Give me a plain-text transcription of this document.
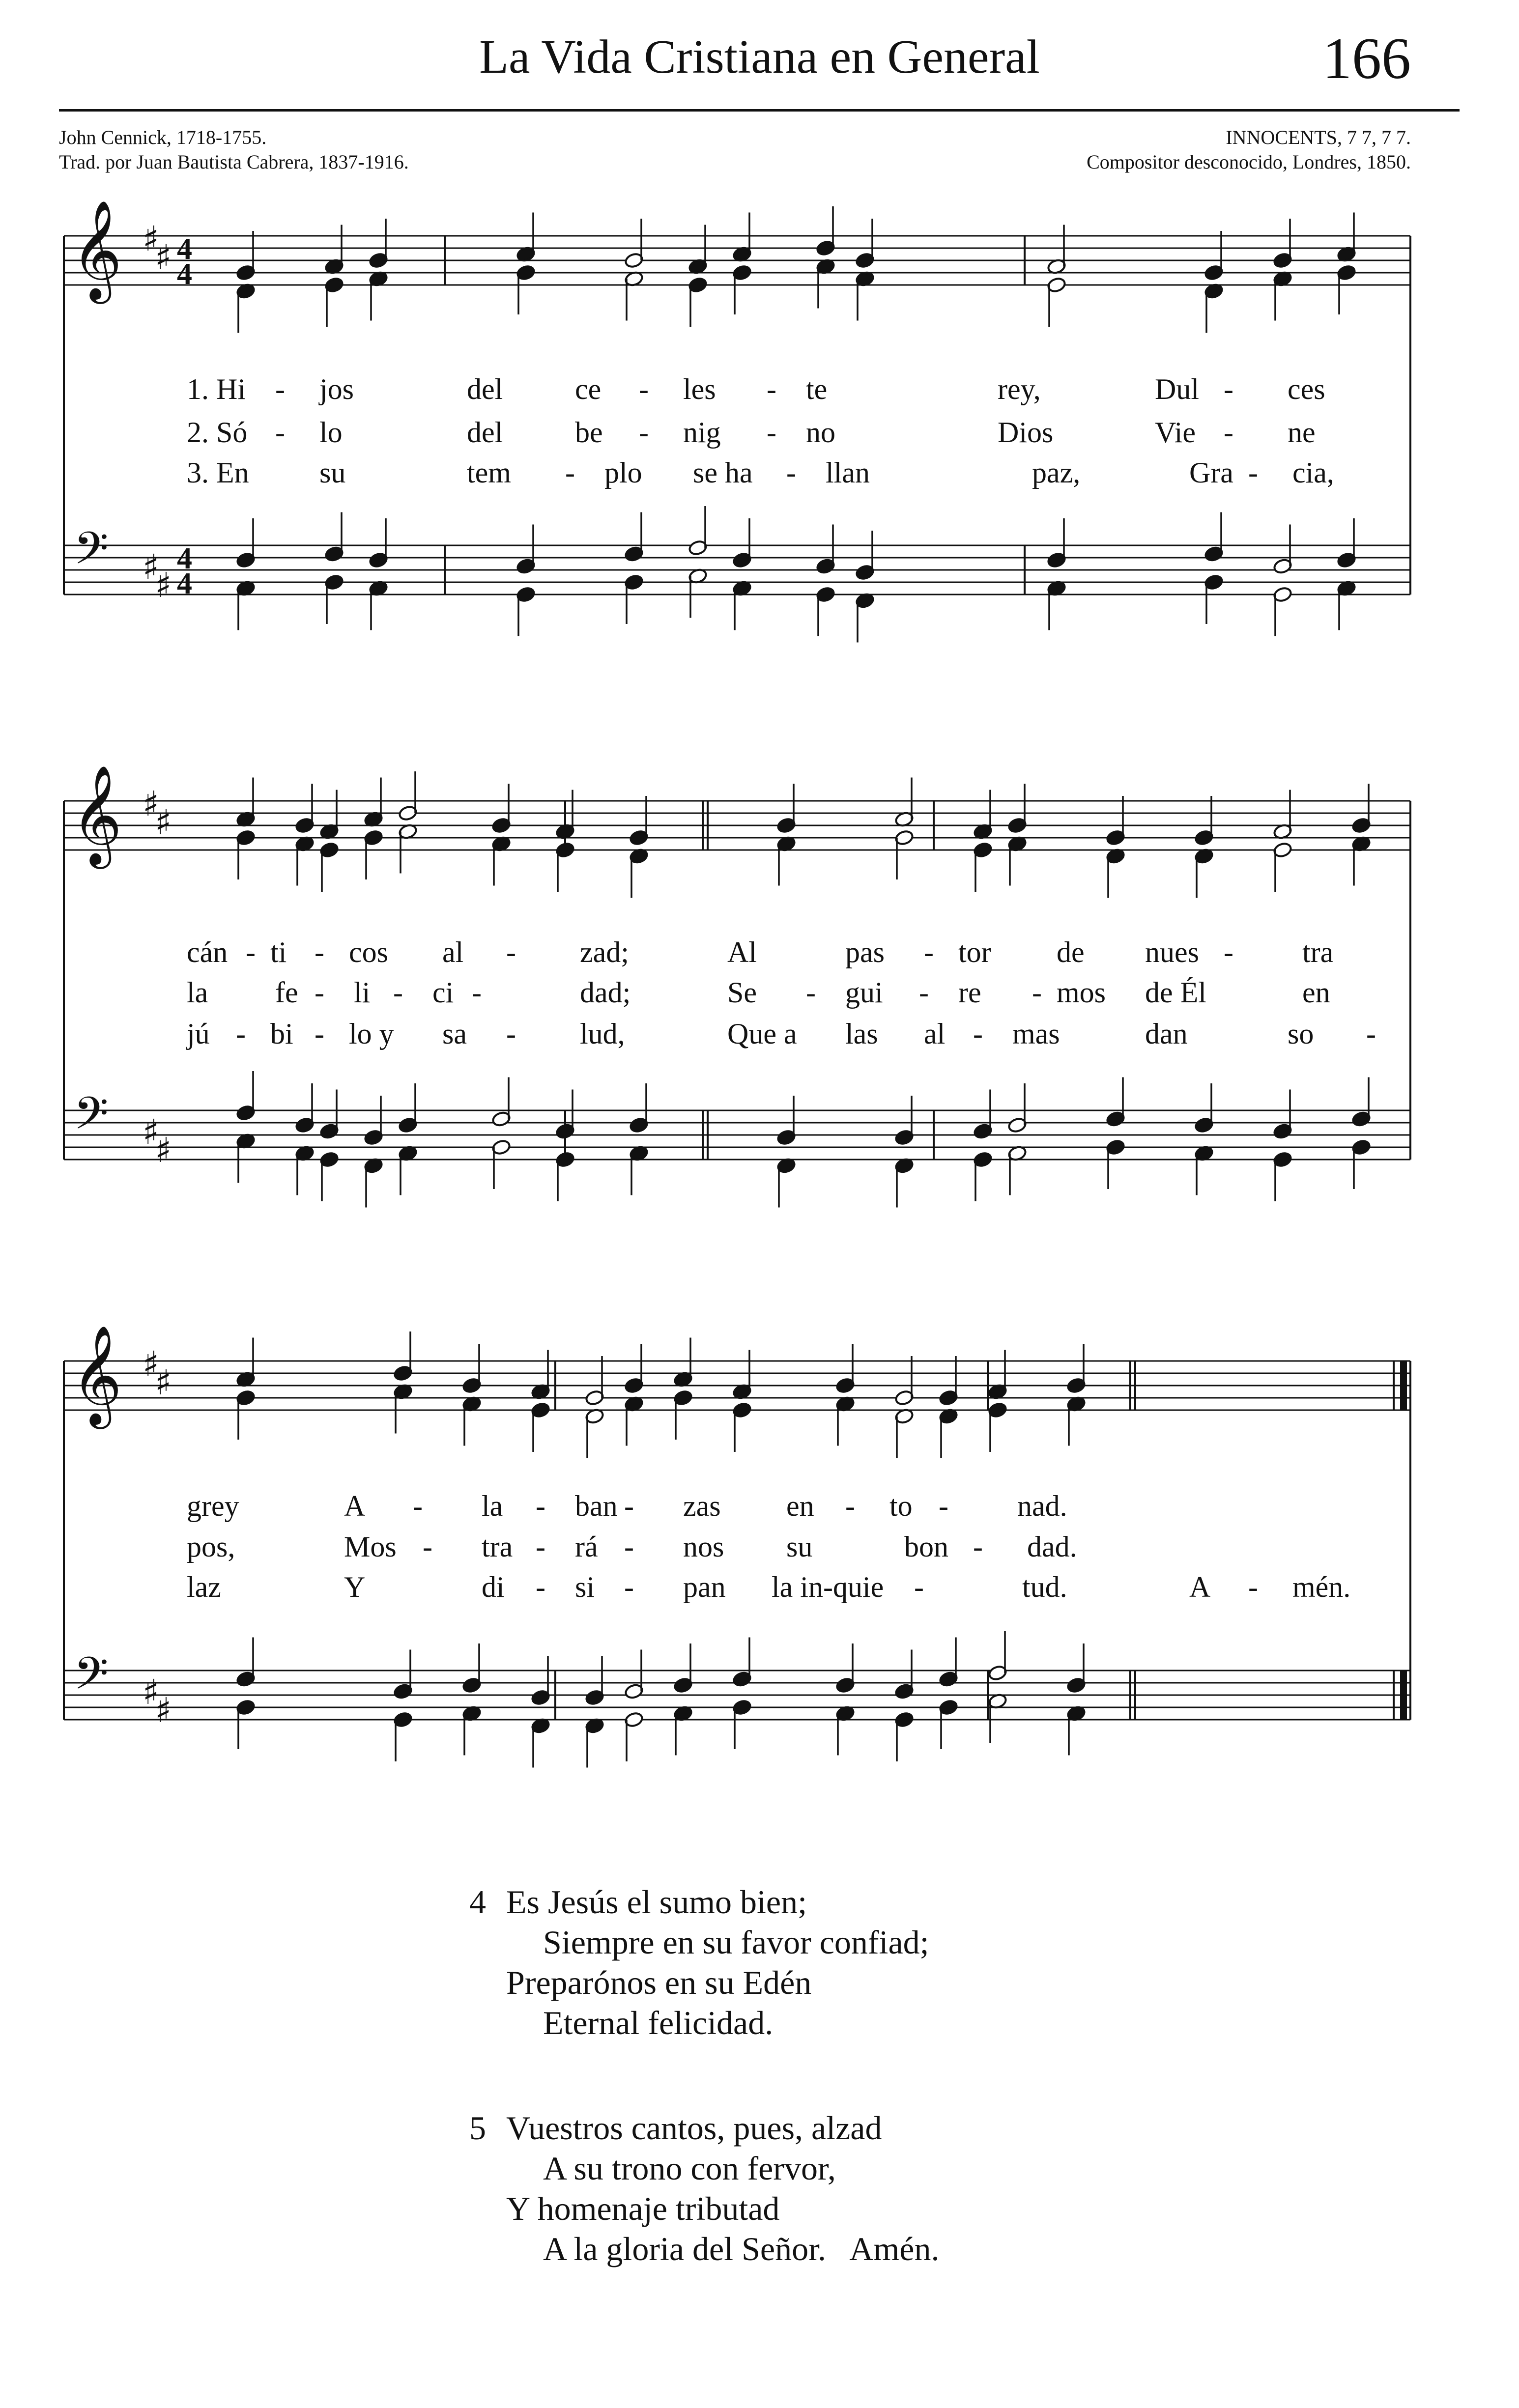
La Vida Cristiana en General	166
John Cennick, 1718-1755.
Trad. por Juan Bautista Cabrera, 1837-1916.
INNOCENTS, 7 7, 7 7.
Compositor desconocido, Londres, 1850.
𝄞
𝄢
♯
♯
♯
♯
4
4
4
4
1. Hi - jos	del ce - les - te	rey,	Dul - ces
2. Só - lo	del be - nig - no	Dios	Vie - ne
3. En su	tem - plo se ha - llan	paz,	Gra - cia,
𝄞
𝄢
♯
♯
♯
♯
cán - ti - cos al - zad;	Al	pas - tor de nues - tra
la fe - li - ci -	dad;	Se - gui - re - mos de Él	en
jú - bi - lo y sa - lud,	Que a las al - mas	dan	so -
𝄞
𝄢
♯
♯
♯
♯
grey	A - la - ban - zas en - to - nad.
pos,	Mos - tra - rá - nos su	bon - dad.
laz	Y	di - si - pan la in-quie -	tud.	A - mén.
4 Es Jesús el sumo bien;
Siempre en su favor confiad;
Preparónos en su Edén
Eternal felicidad.
5 Vuestros cantos, pues, alzad
A su trono con fervor,
Y homenaje tributad
A la gloria del Señor.   Amén.
